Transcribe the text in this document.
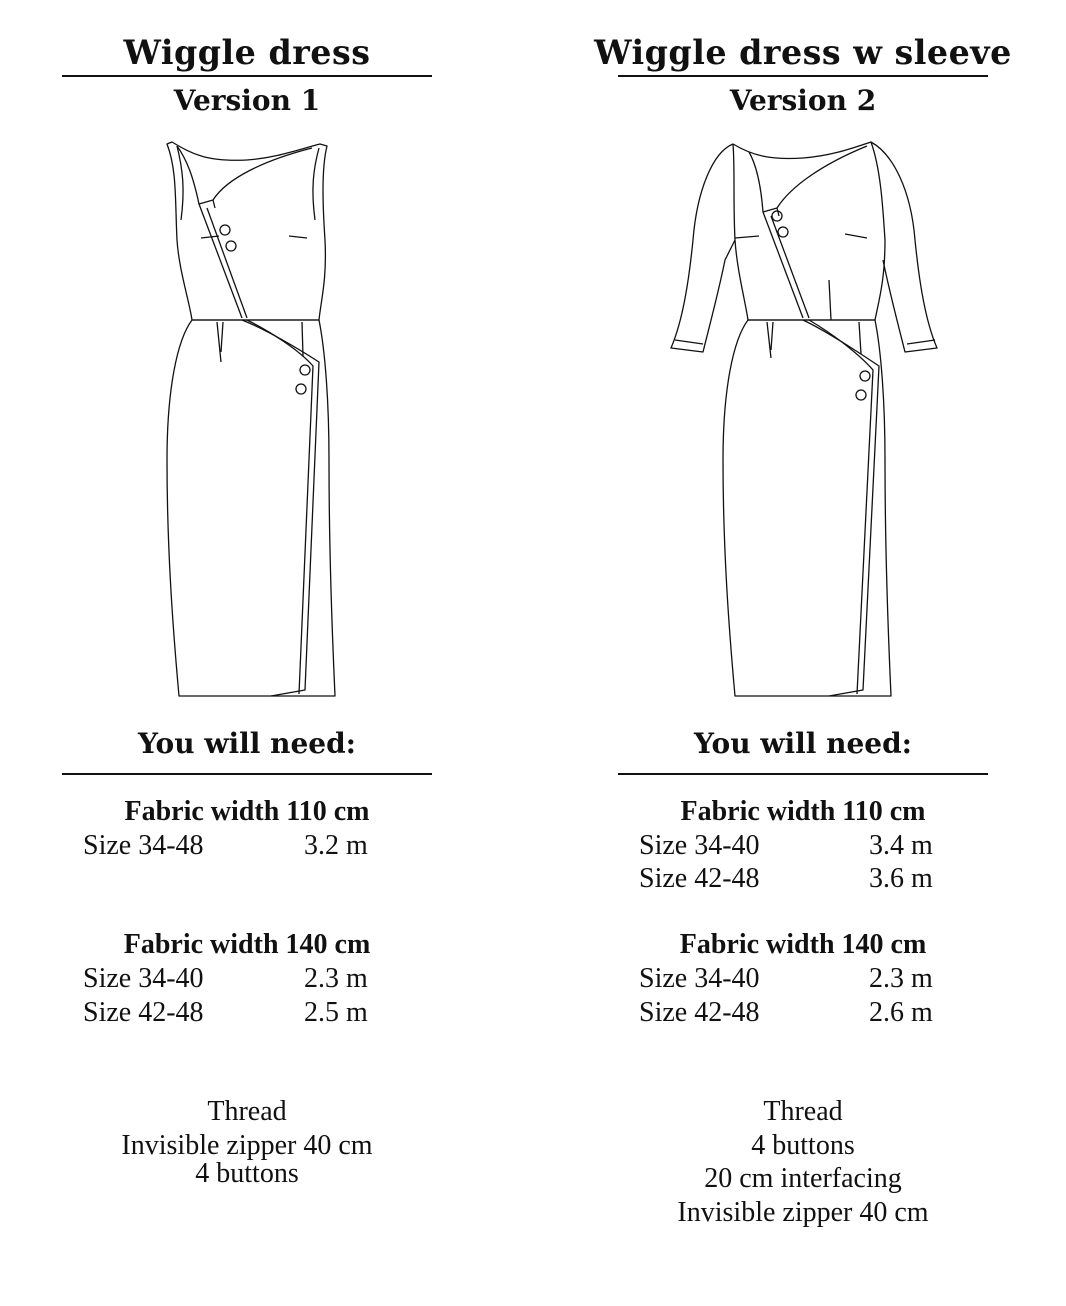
Wiggle dress
Version 1
You will need:
Fabric width 110 cm
Size 34-48	3.2 m
Fabric width 140 cm
Size 34-40	2.3 m
Size 42-48	2.5 m
Thread
Invisible zipper 40 cm
4 buttons
Wiggle dress w sleeve
Version 2
You will need:
Fabric width 110 cm
Size 34-40	3.4 m
Size 42-48	3.6 m
Fabric width 140 cm
Size 34-40	2.3 m
Size 42-48	2.6 m
Thread
4 buttons
20 cm interfacing
Invisible zipper 40 cm
